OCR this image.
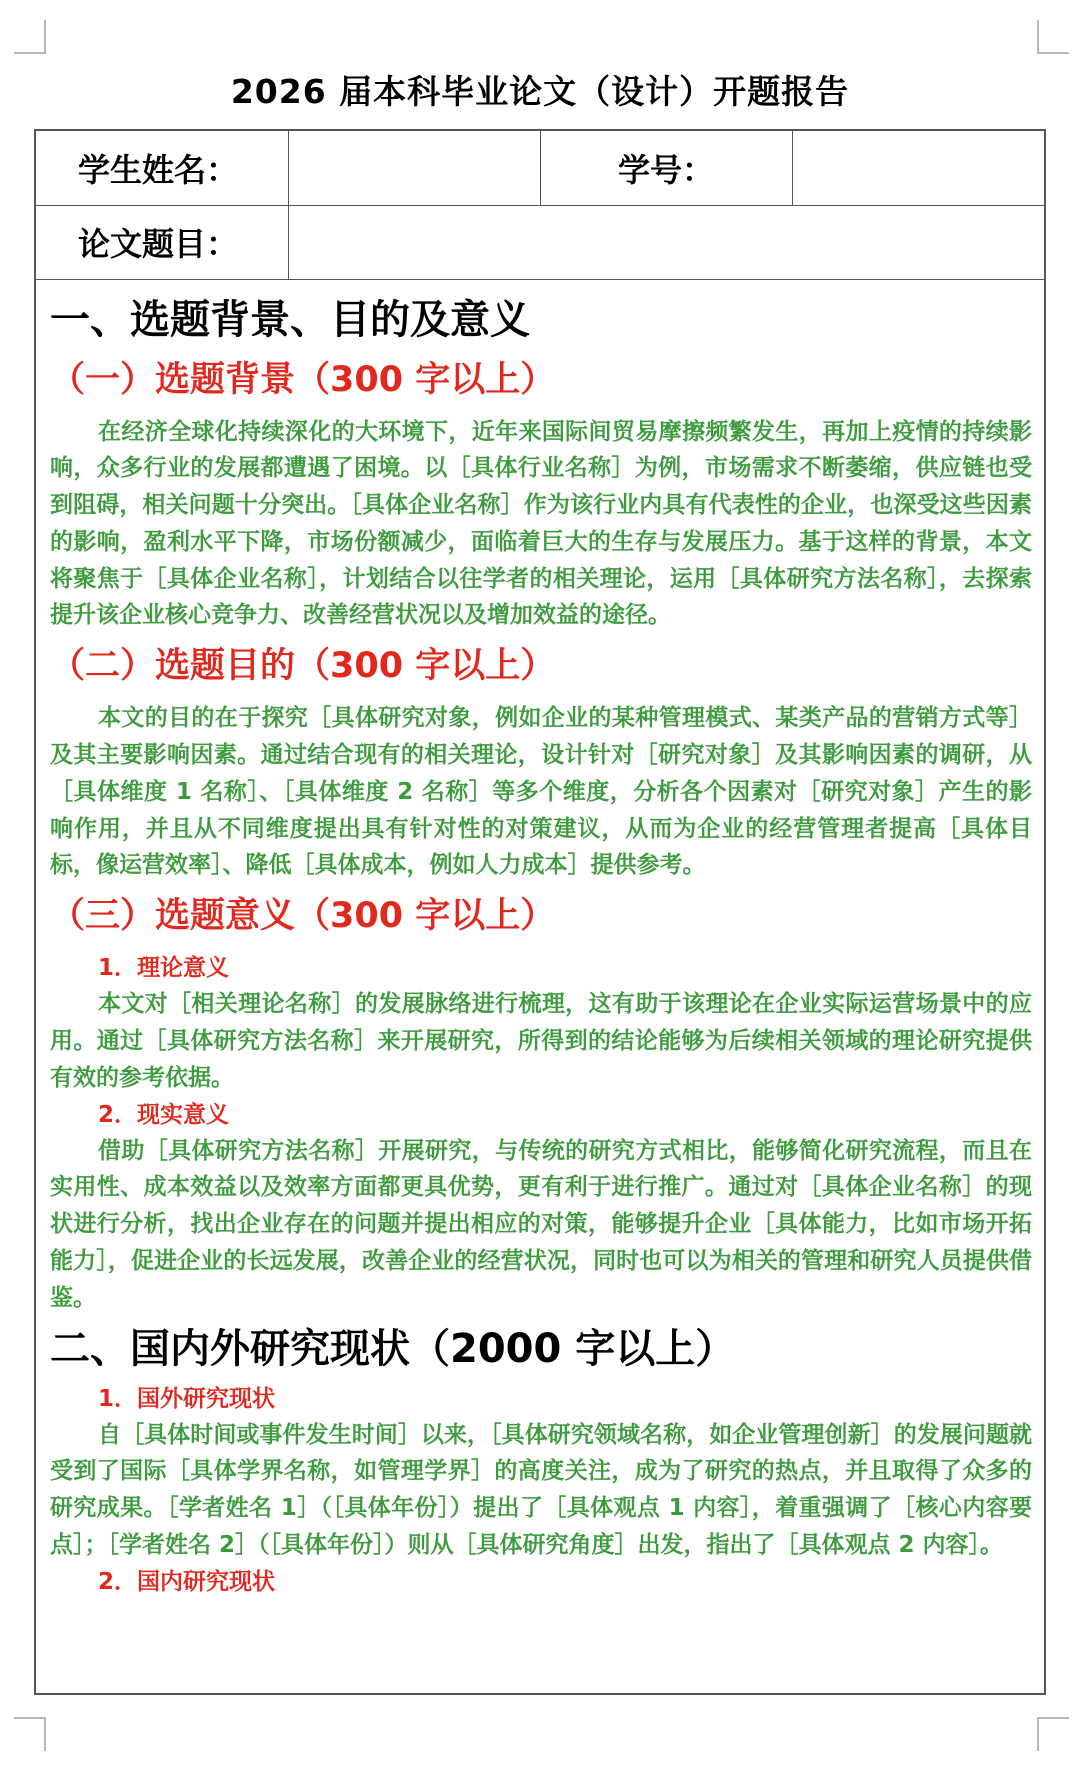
2026 届本科毕业论文（设计）开题报告
学生姓名：		学号：	
论文题目：			
一、选题背景、目的及意义
（一）选题背景（300 字以上）

在经济全球化持续深化的大环境下，近年来国际间贸易摩擦频繁发生，再加上疫情的持续影响，众多行业的发展都遭遇了困境。以［具体行业名称］为例，市场需求不断萎缩，供应链也受到阻碍，相关问题十分突出。［具体企业名称］作为该行业内具有代表性的企业，也深受这些因素的影响，盈利水平下降，市场份额减少，面临着巨大的生存与发展压力。基于这样的背景，本文将聚焦于［具体企业名称］，计划结合以往学者的相关理论，运用［具体研究方法名称］，去探索提升该企业核心竞争力、改善经营状况以及增加效益的途径。

（二）选题目的（300 字以上）

本文的目的在于探究［具体研究对象，例如企业的某种管理模式、某类产品的营销方式等］及其主要影响因素。通过结合现有的相关理论，设计针对［研究对象］及其影响因素的调研，从［具体维度 1 名称］、［具体维度 2 名称］等多个维度，分析各个因素对［研究对象］产生的影响作用，并且从不同维度提出具有针对性的对策建议，从而为企业的经营管理者提高［具体目标，像运营效率］、降低［具体成本，例如人力成本］提供参考。

（三）选题意义（300 字以上）
1．理论意义

本文对［相关理论名称］的发展脉络进行梳理，这有助于该理论在企业实际运营场景中的应用。通过［具体研究方法名称］来开展研究，所得到的结论能够为后续相关领域的理论研究提供有效的参考依据。

2．现实意义

借助［具体研究方法名称］开展研究，与传统的研究方式相比，能够简化研究流程，而且在实用性、成本效益以及效率方面都更具优势，更有利于进行推广。通过对［具体企业名称］的现状进行分析，找出企业存在的问题并提出相应的对策，能够提升企业［具体能力，比如市场开拓能力］，促进企业的长远发展，改善企业的经营状况，同时也可以为相关的管理和研究人员提供借鉴。

二、国内外研究现状（2000 字以上）
1．国外研究现状

自［具体时间或事件发生时间］以来，［具体研究领域名称，如企业管理创新］的发展问题就受到了国际［具体学界名称，如管理学界］的高度关注，成为了研究的热点，并且取得了众多的研究成果。［学者姓名 1］（［具体年份］）提出了［具体观点 1 内容］，着重强调了［核心内容要点］；［学者姓名 2］（［具体年份］）则从［具体研究角度］出发，指出了［具体观点 2 内容］。

2．国内研究现状
